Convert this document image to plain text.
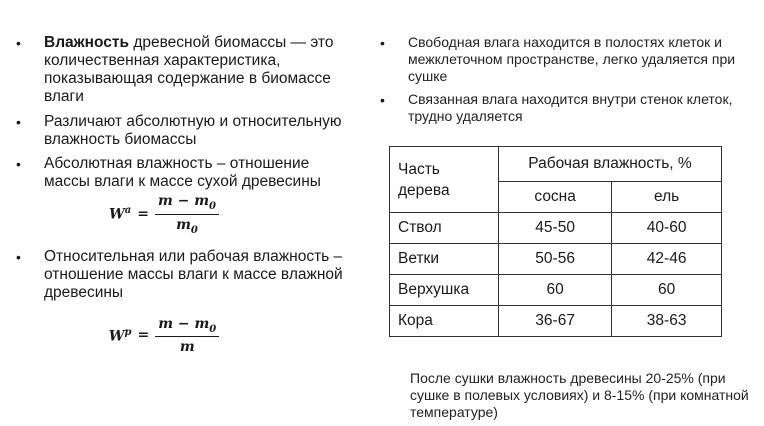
•	Влажность древесной биомассы — это количественная характеристика, показывающая содержание в биомассе влаги
•	Различают абсолютную и относительную влажность биомассы
•	Абсолютная влажность – отношение массы влаги к массе сухой древесины
$W^a = \frac{m - m_0}{m_0}$
•	Относительная или рабочая влажность – отношение массы влаги к массе влажной древесины
$W^p = \frac{m - m_0}{m}$
•	Свободная влага находится в полостях клеток и межклеточном пространстве, легко удаляется при сушке
•	Связанная влага находится внутри стенок клеток, трудно удаляется
Часть дерева	Рабочая влажность, %	
	сосна	ель
Ствол	45-50	40-60
Ветки	50-56	42-46
Верхушка	60	60
Кора	36-67	38-63
После сушки влажность древесины 20-25% (при сушке в полевых условиях) и 8-15% (при комнатной температуре)
